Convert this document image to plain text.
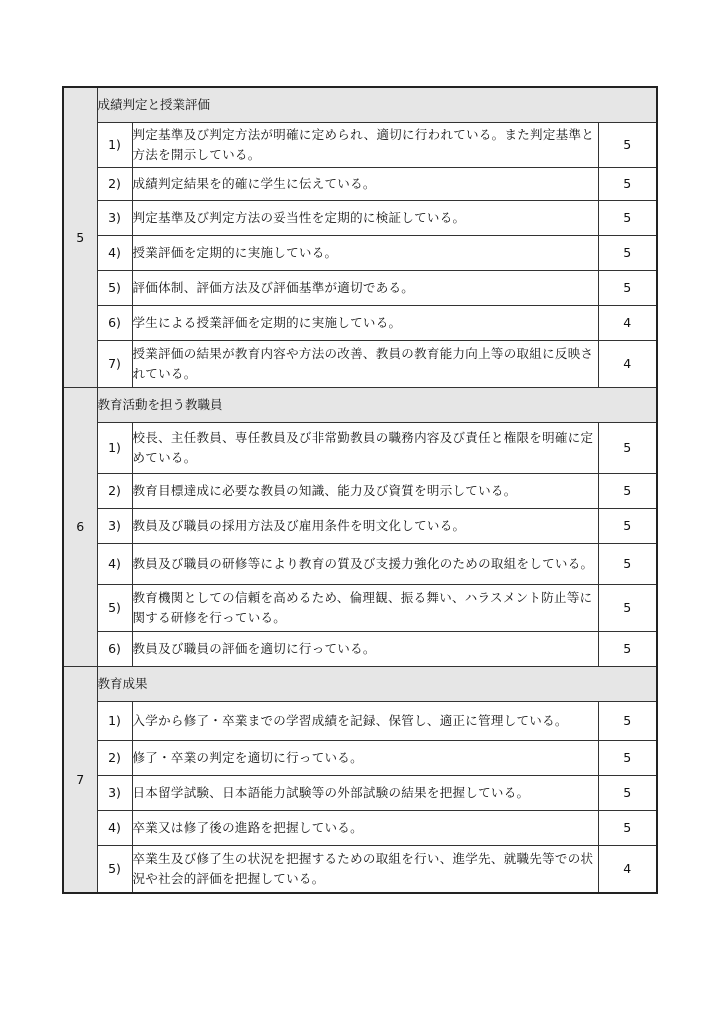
5	成績判定と授業評価		
	1)	判定基準及び判定方法が明確に定められ、適切に行われている。また判定基準と方法を開示している。	5
	2)	成績判定結果を的確に学生に伝えている。	5
	3)	判定基準及び判定方法の妥当性を定期的に検証している。	5
	4)	授業評価を定期的に実施している。	5
	5)	評価体制、評価方法及び評価基準が適切である。	5
	6)	学生による授業評価を定期的に実施している。	4
	7)	授業評価の結果が教育内容や方法の改善、教員の教育能力向上等の取組に反映されている。	4
6	教育活動を担う教職員		
	1)	校長、主任教員、専任教員及び非常勤教員の職務内容及び責任と権限を明確に定めている。	5
	2)	教育目標達成に必要な教員の知識、能力及び資質を明示している。	5
	3)	教員及び職員の採用方法及び雇用条件を明文化している。	5
	4)	教員及び職員の研修等により教育の質及び支援力強化のための取組をしている。	5
	5)	教育機関としての信頼を高めるため、倫理観、振る舞い、ハラスメント防止等に関する研修を行っている。	5
	6)	教員及び職員の評価を適切に行っている。	5
7	教育成果		
	1)	入学から修了・卒業までの学習成績を記録、保管し、適正に管理している。	5
	2)	修了・卒業の判定を適切に行っている。	5
	3)	日本留学試験、日本語能力試験等の外部試験の結果を把握している。	5
	4)	卒業又は修了後の進路を把握している。	5
	5)	卒業生及び修了生の状況を把握するための取組を行い、進学先、就職先等での状況や社会的評価を把握している。	4
